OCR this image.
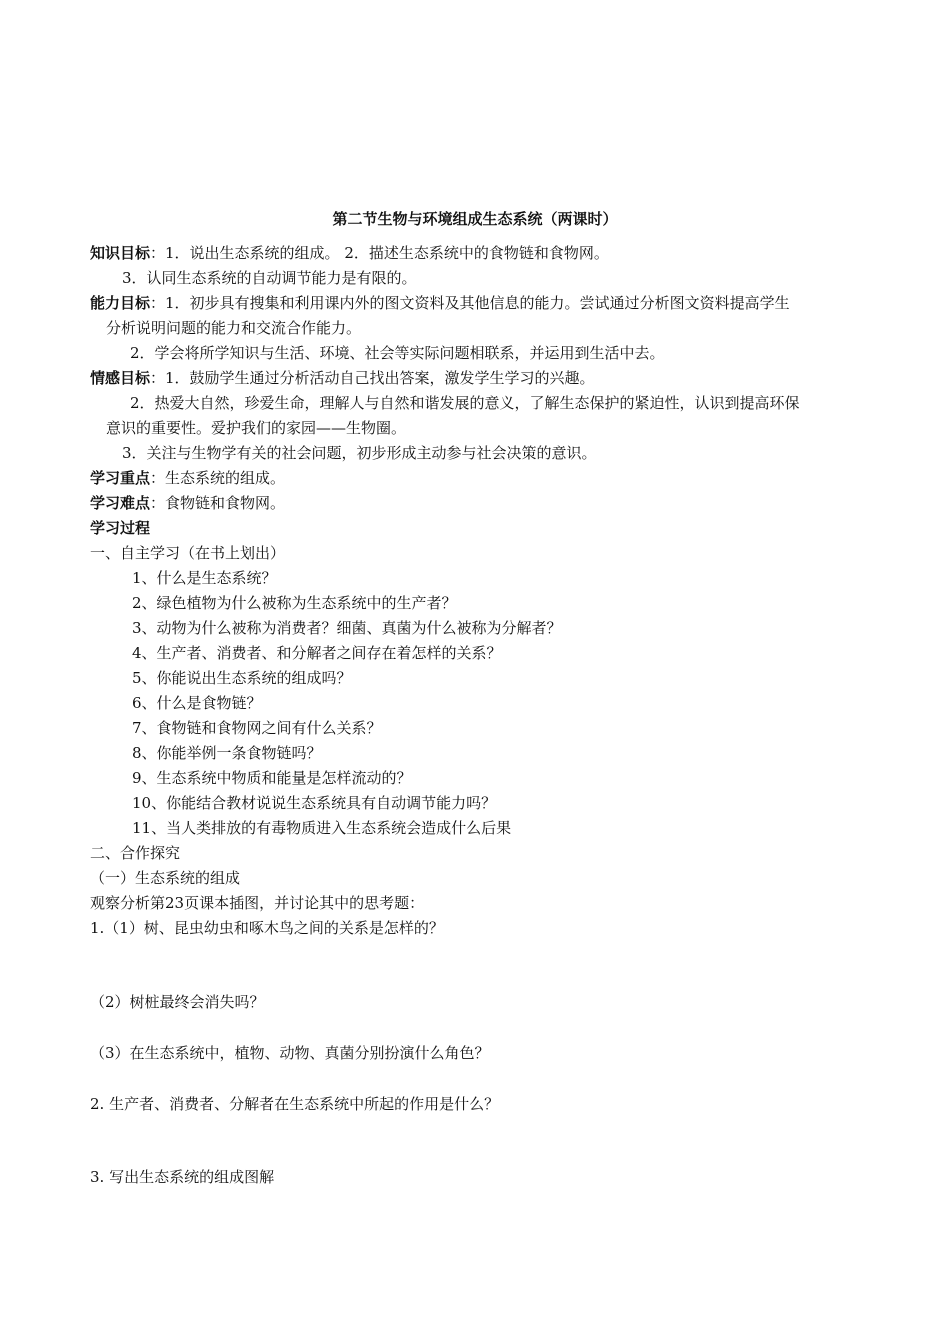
第二节生物与环境组成生态系统（两课时）
知识目标：1．说出生态系统的组成。 2．描述生态系统中的食物链和食物网。
3．认同生态系统的自动调节能力是有限的。
能力目标：1．初步具有搜集和利用课内外的图文资料及其他信息的能力。尝试通过分析图文资料提高学生
分析说明问题的能力和交流合作能力。
2．学会将所学知识与生活、环境、社会等实际问题相联系，并运用到生活中去。
情感目标：1．鼓励学生通过分析活动自己找出答案，激发学生学习的兴趣。
2．热爱大自然，珍爱生命，理解人与自然和谐发展的意义，了解生态保护的紧迫性，认识到提高环保
意识的重要性。爱护我们的家园——生物圈。
3．关注与生物学有关的社会问题，初步形成主动参与社会决策的意识。
学习重点：生态系统的组成。
学习难点：食物链和食物网。
学习过程
一、自主学习（在书上划出）
1、什么是生态系统？
2、绿色植物为什么被称为生态系统中的生产者？
3、动物为什么被称为消费者？细菌、真菌为什么被称为分解者？
4、生产者、消费者、和分解者之间存在着怎样的关系？
5、你能说出生态系统的组成吗？
6、什么是食物链？
7、食物链和食物网之间有什么关系？
8、你能举例一条食物链吗？
9、生态系统中物质和能量是怎样流动的？
10、你能结合教材说说生态系统具有自动调节能力吗？
11、当人类排放的有毒物质进入生态系统会造成什么后果
二、合作探究
（一）生态系统的组成
观察分析第23页课本插图，并讨论其中的思考题：
1.（1）树、昆虫幼虫和啄木鸟之间的关系是怎样的？
（2）树桩最终会消失吗？
（3）在生态系统中，植物、动物、真菌分别扮演什么角色？
2. 生产者、消费者、分解者在生态系统中所起的作用是什么？
3. 写出生态系统的组成图解
